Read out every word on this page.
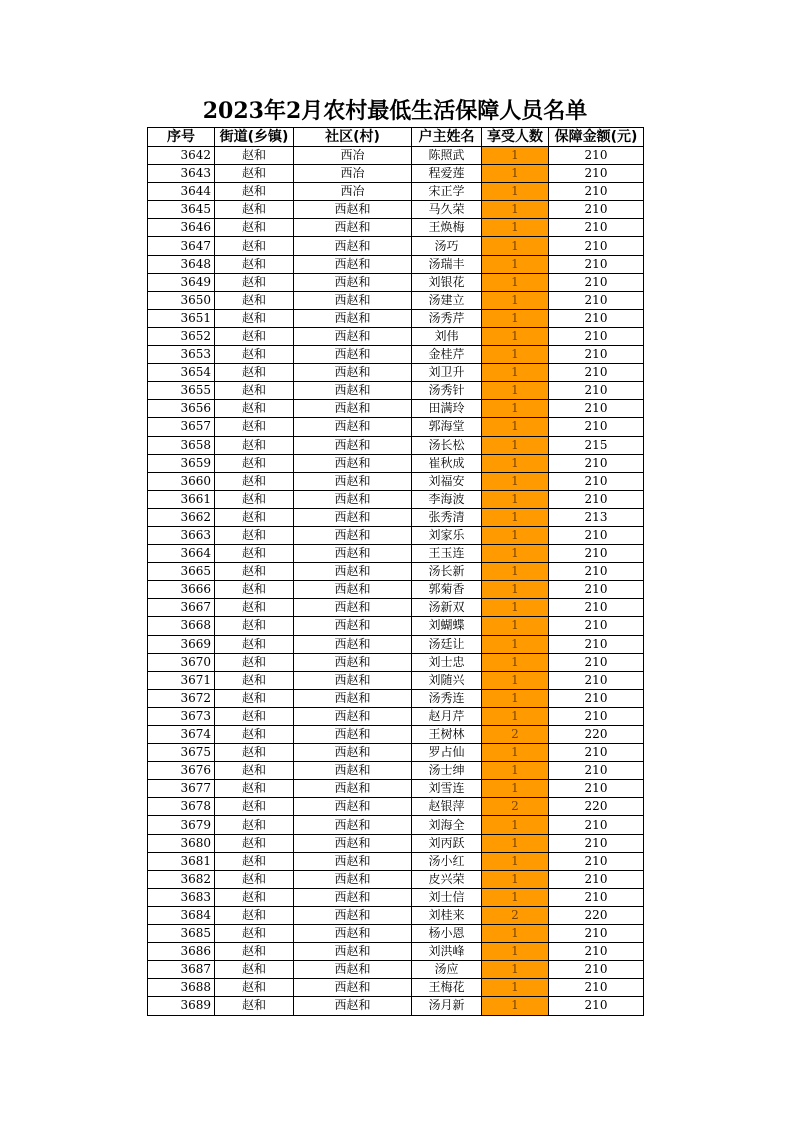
2023年2月农村最低生活保障人员名单
序号	街道(乡镇)	社区(村)	户主姓名	享受人数	保障金额(元)
3642	赵和	西冶	陈照武	1	210
3643	赵和	西冶	程爱莲	1	210
3644	赵和	西冶	宋正学	1	210
3645	赵和	西赵和	马久荣	1	210
3646	赵和	西赵和	王焕梅	1	210
3647	赵和	西赵和	汤巧	1	210
3648	赵和	西赵和	汤瑞丰	1	210
3649	赵和	西赵和	刘银花	1	210
3650	赵和	西赵和	汤建立	1	210
3651	赵和	西赵和	汤秀芹	1	210
3652	赵和	西赵和	刘伟	1	210
3653	赵和	西赵和	金桂芹	1	210
3654	赵和	西赵和	刘卫升	1	210
3655	赵和	西赵和	汤秀针	1	210
3656	赵和	西赵和	田满玲	1	210
3657	赵和	西赵和	郭海堂	1	210
3658	赵和	西赵和	汤长松	1	215
3659	赵和	西赵和	崔秋成	1	210
3660	赵和	西赵和	刘福安	1	210
3661	赵和	西赵和	李海波	1	210
3662	赵和	西赵和	张秀清	1	213
3663	赵和	西赵和	刘家乐	1	210
3664	赵和	西赵和	王玉连	1	210
3665	赵和	西赵和	汤长新	1	210
3666	赵和	西赵和	郭菊香	1	210
3667	赵和	西赵和	汤新双	1	210
3668	赵和	西赵和	刘蝴蝶	1	210
3669	赵和	西赵和	汤廷让	1	210
3670	赵和	西赵和	刘士忠	1	210
3671	赵和	西赵和	刘随兴	1	210
3672	赵和	西赵和	汤秀连	1	210
3673	赵和	西赵和	赵月芹	1	210
3674	赵和	西赵和	王树林	2	220
3675	赵和	西赵和	罗占仙	1	210
3676	赵和	西赵和	汤士绅	1	210
3677	赵和	西赵和	刘雪连	1	210
3678	赵和	西赵和	赵银萍	2	220
3679	赵和	西赵和	刘海全	1	210
3680	赵和	西赵和	刘丙跃	1	210
3681	赵和	西赵和	汤小红	1	210
3682	赵和	西赵和	皮兴荣	1	210
3683	赵和	西赵和	刘士信	1	210
3684	赵和	西赵和	刘桂来	2	220
3685	赵和	西赵和	杨小恩	1	210
3686	赵和	西赵和	刘洪峰	1	210
3687	赵和	西赵和	汤应	1	210
3688	赵和	西赵和	王梅花	1	210
3689	赵和	西赵和	汤月新	1	210
